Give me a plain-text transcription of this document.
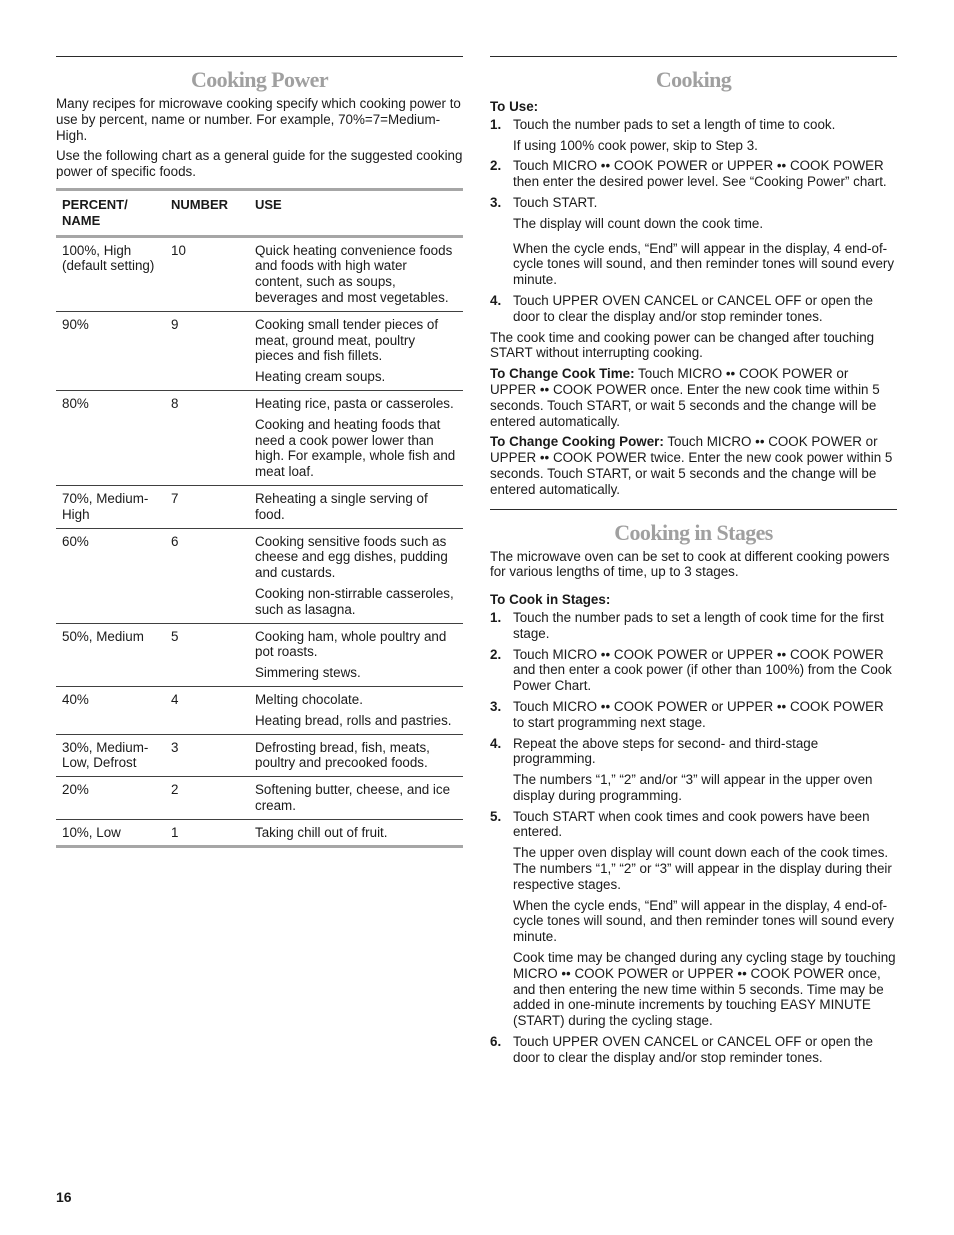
Cooking Power

Many recipes for microwave cooking specify which cooking power to use by percent, name or number. For example, 70%=7=Medium-High.

Use the following chart as a general guide for the suggested cooking power of specific foods.

PERCENT/ NAME	NUMBER	USE
100%, High (default setting)	10	Quick heating convenience foods and foods with high water content, such as soups, beverages and most vegetables.

90%	9	Cooking small tender pieces of meat, ground meat, poultry pieces and fish fillets.

Heating cream soups.

80%	8	Heating rice, pasta or casseroles.

Cooking and heating foods that need a cook power lower than high. For example, whole fish and meat loaf.

70%, Medium-High	7	Reheating a single serving of food.

60%	6	Cooking sensitive foods such as cheese and egg dishes, pudding and custards.

Cooking non-stirrable casseroles, such as lasagna.

50%, Medium	5	Cooking ham, whole poultry and pot roasts.

Simmering stews.

40%	4	Melting chocolate.

Heating bread, rolls and pastries.

30%, Medium-Low, Defrost	3	Defrosting bread, fish, meats, poultry and precooked foods.

20%	2	Softening butter, cheese, and ice cream.

10%, Low	1	Taking chill out of fruit.

Cooking
To Use:
1. Touch the number pads to set a length of time to cook.

If using 100% cook power, skip to Step 3.

2. Touch MICRO •• COOK POWER or UPPER •• COOK POWER then enter the desired power level. See “Cooking Power” chart.

3. Touch START.

The display will count down the cook time.

When the cycle ends, “End” will appear in the display, 4 end-of-cycle tones will sound, and then reminder tones will sound every minute.

4. Touch UPPER OVEN CANCEL or CANCEL OFF or open the door to clear the display and/or stop reminder tones.

The cook time and cooking power can be changed after touching START without interrupting cooking.

To Change Cook Time: Touch MICRO •• COOK POWER or UPPER •• COOK POWER once. Enter the new cook time within 5 seconds. Touch START, or wait 5 seconds and the change will be entered automatically.

To Change Cooking Power: Touch MICRO •• COOK POWER or UPPER •• COOK POWER twice. Enter the new cook power within 5 seconds. Touch START, or wait 5 seconds and the change will be entered automatically.

Cooking in Stages

The microwave oven can be set to cook at different cooking powers for various lengths of time, up to 3 stages.

To Cook in Stages:
1. Touch the number pads to set a length of cook time for the first stage.

2. Touch MICRO •• COOK POWER or UPPER •• COOK POWER and then enter a cook power (if other than 100%) from the Cook Power Chart.

3. Touch MICRO •• COOK POWER or UPPER •• COOK POWER to start programming next stage.

4. Repeat the above steps for second- and third-stage programming.

The numbers “1,” “2” and/or “3” will appear in the upper oven display during programming.

5. Touch START when cook times and cook powers have been entered.

The upper oven display will count down each of the cook times. The numbers “1,” “2” or “3” will appear in the display during their respective stages.

When the cycle ends, “End” will appear in the display, 4 end-of-cycle tones will sound, and then reminder tones will sound every minute.

Cook time may be changed during any cycling stage by touching MICRO •• COOK POWER or UPPER •• COOK POWER once, and then entering the new time within 5 seconds. Time may be added in one-minute increments by touching EASY MINUTE (START) during the cycling stage.

6. Touch UPPER OVEN CANCEL or CANCEL OFF or open the door to clear the display and/or stop reminder tones.

16
